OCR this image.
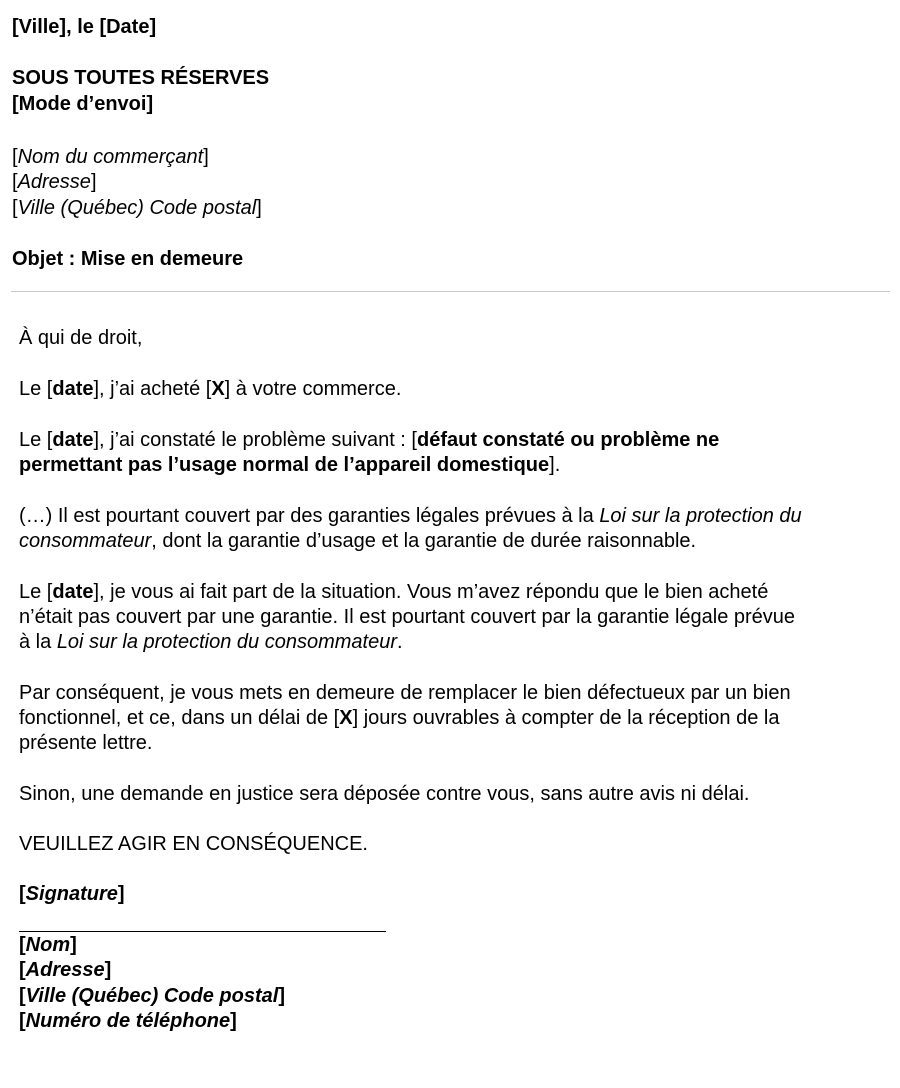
[Ville], le [Date]
SOUS TOUTES RÉSERVES
[Mode d’envoi]
[Nom du commerçant]
[Adresse]
[Ville (Québec) Code postal]
Objet : Mise en demeure
À qui de droit,
Le [date], j’ai acheté [X] à votre commerce.
Le [date], j’ai constaté le problème suivant : [défaut constaté ou problème ne
permettant pas l’usage normal de l’appareil domestique].
(…) Il est pourtant couvert par des garanties légales prévues à la Loi sur la protection du
consommateur, dont la garantie d’usage et la garantie de durée raisonnable.
Le [date], je vous ai fait part de la situation. Vous m’avez répondu que le bien acheté
n’était pas couvert par une garantie. Il est pourtant couvert par la garantie légale prévue
à la Loi sur la protection du consommateur.
Par conséquent, je vous mets en demeure de remplacer le bien défectueux par un bien
fonctionnel, et ce, dans un délai de [X] jours ouvrables à compter de la réception de la
présente lettre.
Sinon, une demande en justice sera déposée contre vous, sans autre avis ni délai.
VEUILLEZ AGIR EN CONSÉQUENCE.
[Signature]
[Nom]
[Adresse]
[Ville (Québec) Code postal]
[Numéro de téléphone]
